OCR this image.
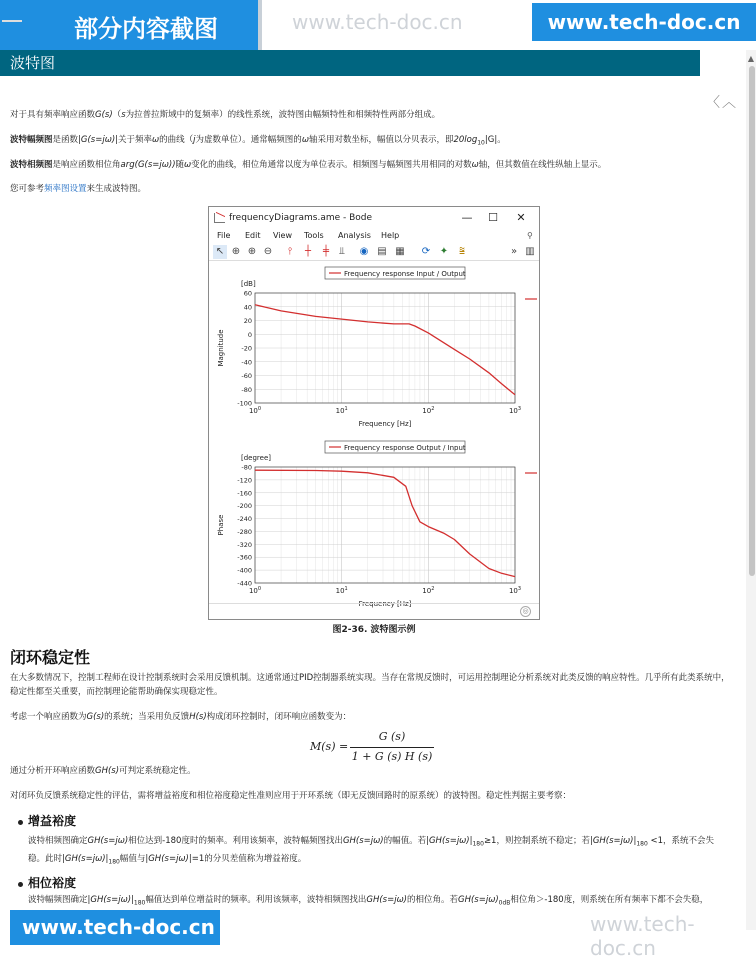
部分内容截图	www.tech-doc.cn	www.tech-doc.cn
波特图	▲
〈︿
对于具有频率响应函数G(s)（s为拉普拉斯域中的复频率）的线性系统，波特图由幅频特性和相频特性两部分组成。
波特幅频图是函数|G(s=jω)|关于频率ω的曲线（j为虚数单位）。通常幅频图的ω轴采用对数坐标，幅值以分贝表示，即$20\log_{10}|G|$。
波特相频图是响应函数相位角arg(G(s=jω))随ω变化的曲线，相位角通常以度为单位表示。相频图与幅频图共用相同的对数ω轴，但其数值在线性纵轴上显示。
您可参考频率图设置来生成波特图。
frequencyDiagrams.ame - Bode	—	☐	✕
File Edit View Tools Analysis Help	⚲
↖ ⊕ ⊕ ⊖	⫯	┼	╪	⫫	◉ ▤ ▦ ⟳ ✦	⩰	» ▥
Frequency response Input / Output
[dB]
60
40
20
0
-20
-40
-60
-80
-100
$10^0$	$10^1$	$10^2$	$10^3$
Frequency [Hz]
Magnitude
Frequency response Output / Input
[degree]
-80
-120
-160
-200
-240
-280
-320
-360
-400
-440
$10^0$	$10^1$	$10^2$	$10^3$
Frequency [Hz]
Phase
◎
图2-36. 波特图示例
闭环稳定性
在大多数情况下，控制工程师在设计控制系统时会采用反馈机制。这通常通过PID控制器系统实现。当存在常规反馈时，可运用控制理论分析系统对此类反馈的响应特性。几乎所有此类系统中，稳定性都至关重要，而控制理论能帮助确保实现稳定性。
考虑一个响应函数为G(s)的系统；当采用负反馈H(s)构成闭环控制时，闭环响应函数变为：
M(s) =
G (s)
1 + G (s) H (s)
通过分析开环响应函数GH(s)可判定系统稳定性。
对闭环负反馈系统稳定性的评估，需将增益裕度和相位裕度稳定性准则应用于开环系统（即无反馈回路时的原系统）的波特图。稳定性判据主要考察：
增益裕度
波特相频图确定GH(s=jω)相位达到-180度时的频率。利用该频率，波特幅频图找出GH(s=jω)的幅值。若$|GH(s=j\omega)|_{180}\ge 1$，则控制系统不稳定；若$|GH(s=j\omega)|_{180} <1$，系统不会失
稳。此时$|GH(s=j\omega)|_{180}$幅值与|GH(s=jω)|=1的分贝差值称为增益裕度。
相位裕度
波特幅频图确定$|GH(s=j\omega)|_{180}$幅值达到单位增益时的频率。利用该频率，波特相频图找出GH(s=jω)的相位角。若$GH(s=j\omega)_{0dB}$相位角＞-180度，则系统在所有频率下都不会失稳，
www.tech-doc.cn	www.tech-doc.cn
